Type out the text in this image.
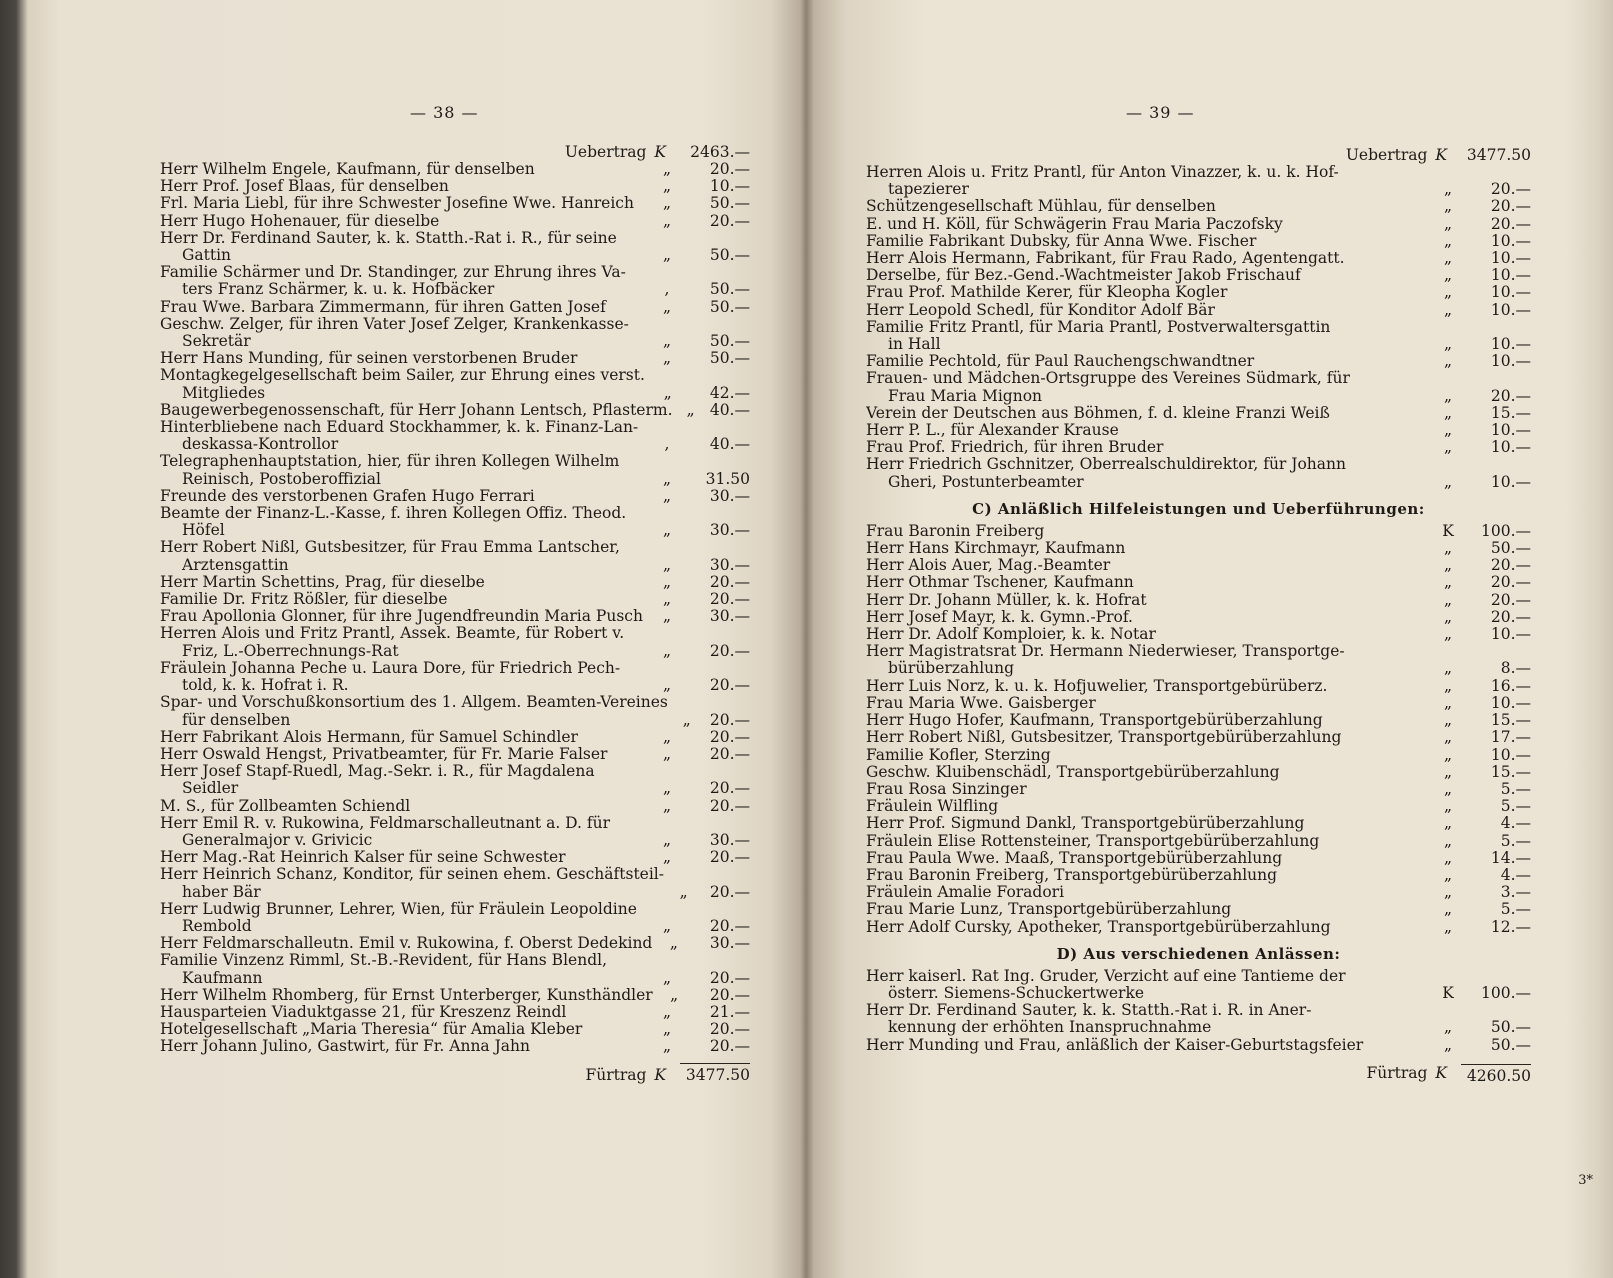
— 38 —
Uebertrag K	2463.—
Herr Wilhelm Engele, Kaufmann, für denselben	„	20.—
Herr Prof. Josef Blaas, für denselben	„	10.—
Frl. Maria Liebl, für ihre Schwester Josefine Wwe. Hanreich	„	50.—
Herr Hugo Hohenauer, für dieselbe	„	20.—
Herr Dr. Ferdinand Sauter, k. k. Statth.-Rat i. R., für seine
Gattin	„	50.—
Familie Schärmer und Dr. Standinger, zur Ehrung ihres Va-
ters Franz Schärmer, k. u. k. Hofbäcker	,	50.—
Frau Wwe. Barbara Zimmermann, für ihren Gatten Josef	„	50.—
Geschw. Zelger, für ihren Vater Josef Zelger, Krankenkasse-
Sekretär	„	50.—
Herr Hans Munding, für seinen verstorbenen Bruder	„	50.—
Montagkegelgesellschaft beim Sailer, zur Ehrung eines verst.
Mitgliedes	„	42.—
Baugewerbegenossenschaft, für Herr Johann Lentsch, Pflasterm. „ 40.—
Hinterbliebene nach Eduard Stockhammer, k. k. Finanz-Lan-
deskassa-Kontrollor	,	40.—
Telegraphenhauptstation, hier, für ihren Kollegen Wilhelm
Reinisch, Postoberoffizial	„	31.50
Freunde des verstorbenen Grafen Hugo Ferrari	„	30.—
Beamte der Finanz-L.-Kasse, f. ihren Kollegen Offiz. Theod.
Höfel	„	30.—
Herr Robert Nißl, Gutsbesitzer, für Frau Emma Lantscher,
Arztensgattin	„	30.—
Herr Martin Schettins, Prag, für dieselbe	„	20.—
Familie Dr. Fritz Rößler, für dieselbe	„	20.—
Frau Apollonia Glonner, für ihre Jugendfreundin Maria Pusch	„	30.—
Herren Alois und Fritz Prantl, Assek. Beamte, für Robert v.
Friz, L.-Oberrechnungs-Rat	„	20.—
Fräulein Johanna Peche u. Laura Dore, für Friedrich Pech-
told, k. k. Hofrat i. R.	„	20.—
Spar- und Vorschußkonsortium des 1. Allgem. Beamten-Vereines
für denselben	„	20.—
Herr Fabrikant Alois Hermann, für Samuel Schindler	„	20.—
Herr Oswald Hengst, Privatbeamter, für Fr. Marie Falser	„	20.—
Herr Josef Stapf-Ruedl, Mag.-Sekr. i. R., für Magdalena
Seidler	„	20.—
M. S., für Zollbeamten Schiendl	„	20.—
Herr Emil R. v. Rukowina, Feldmarschalleutnant a. D. für
Generalmajor v. Grivicic	„	30.—
Herr Mag.-Rat Heinrich Kalser für seine Schwester	„	20.—
Herr Heinrich Schanz, Konditor, für seinen ehem. Geschäftsteil-
haber Bär	„	20.—
Herr Ludwig Brunner, Lehrer, Wien, für Fräulein Leopoldine
Rembold	„	20.—
Herr Feldmarschalleutn. Emil v. Rukowina, f. Oberst Dedekind	„	30.—
Familie Vinzenz Rimml, St.-B.-Revident, für Hans Blendl,
Kaufmann	„	20.—
Herr Wilhelm Rhomberg, für Ernst Unterberger, Kunsthändler	„	20.—
Hausparteien Viaduktgasse 21, für Kreszenz Reindl	„	21.—
Hotelgesellschaft „Maria Theresia“ für Amalia Kleber	„	20.—
Herr Johann Julino, Gastwirt, für Fr. Anna Jahn	„	20.—
Fürtrag K	3477.50
— 39 —
Uebertrag K	3477.50
Herren Alois u. Fritz Prantl, für Anton Vinazzer, k. u. k. Hof-
tapezierer	„	20.—
Schützengesellschaft Mühlau, für denselben	„	20.—
E. und H. Köll, für Schwägerin Frau Maria Paczofsky	„	20.—
Familie Fabrikant Dubsky, für Anna Wwe. Fischer	„	10.—
Herr Alois Hermann, Fabrikant, für Frau Rado, Agentengatt.	„	10.—
Derselbe, für Bez.-Gend.-Wachtmeister Jakob Frischauf	„	10.—
Frau Prof. Mathilde Kerer, für Kleopha Kogler	„	10.—
Herr Leopold Schedl, für Konditor Adolf Bär	„	10.—
Familie Fritz Prantl, für Maria Prantl, Postverwaltersgattin
in Hall	„	10.—
Familie Pechtold, für Paul Rauchengschwandtner	„	10.—
Frauen- und Mädchen-Ortsgruppe des Vereines Südmark, für
Frau Maria Mignon	„	20.—
Verein der Deutschen aus Böhmen, f. d. kleine Franzi Weiß	„	15.—
Herr P. L., für Alexander Krause	„	10.—
Frau Prof. Friedrich, für ihren Bruder	„	10.—
Herr Friedrich Gschnitzer, Oberrealschuldirektor, für Johann
Gheri, Postunterbeamter	„	10.—
C) Anläßlich Hilfeleistungen und Ueberführungen:
Frau Baronin Freiberg	K	100.—
Herr Hans Kirchmayr, Kaufmann	„	50.—
Herr Alois Auer, Mag.-Beamter	„	20.—
Herr Othmar Tschener, Kaufmann	„	20.—
Herr Dr. Johann Müller, k. k. Hofrat	„	20.—
Herr Josef Mayr, k. k. Gymn.-Prof.	„	20.—
Herr Dr. Adolf Komploier, k. k. Notar	„	10.—
Herr Magistratsrat Dr. Hermann Niederwieser, Transportge-
bürüberzahlung	„	8.—
Herr Luis Norz, k. u. k. Hofjuwelier, Transportgebürüberz.	„	16.—
Frau Maria Wwe. Gaisberger	„	10.—
Herr Hugo Hofer, Kaufmann, Transportgebürüberzahlung	„	15.—
Herr Robert Nißl, Gutsbesitzer, Transportgebürüberzahlung	„	17.—
Familie Kofler, Sterzing	„	10.—
Geschw. Kluibenschädl, Transportgebürüberzahlung	„	15.—
Frau Rosa Sinzinger	„	5.—
Fräulein Wilfling	„	5.—
Herr Prof. Sigmund Dankl, Transportgebürüberzahlung	„	4.—
Fräulein Elise Rottensteiner, Transportgebürüberzahlung	„	5.—
Frau Paula Wwe. Maaß, Transportgebürüberzahlung	„	14.—
Frau Baronin Freiberg, Transportgebürüberzahlung	„	4.—
Fräulein Amalie Foradori	„	3.—
Frau Marie Lunz, Transportgebürüberzahlung	„	5.—
Herr Adolf Cursky, Apotheker, Transportgebürüberzahlung	„	12.—
D) Aus verschiedenen Anlässen:
Herr kaiserl. Rat Ing. Gruder, Verzicht auf eine Tantieme der
österr. Siemens-Schuckertwerke	K	100.—
Herr Dr. Ferdinand Sauter, k. k. Statth.-Rat i. R. in Aner-
kennung der erhöhten Inanspruchnahme	„	50.—
Herr Munding und Frau, anläßlich der Kaiser-Geburtstagsfeier	„	50.—
Fürtrag K	4260.50
3*
